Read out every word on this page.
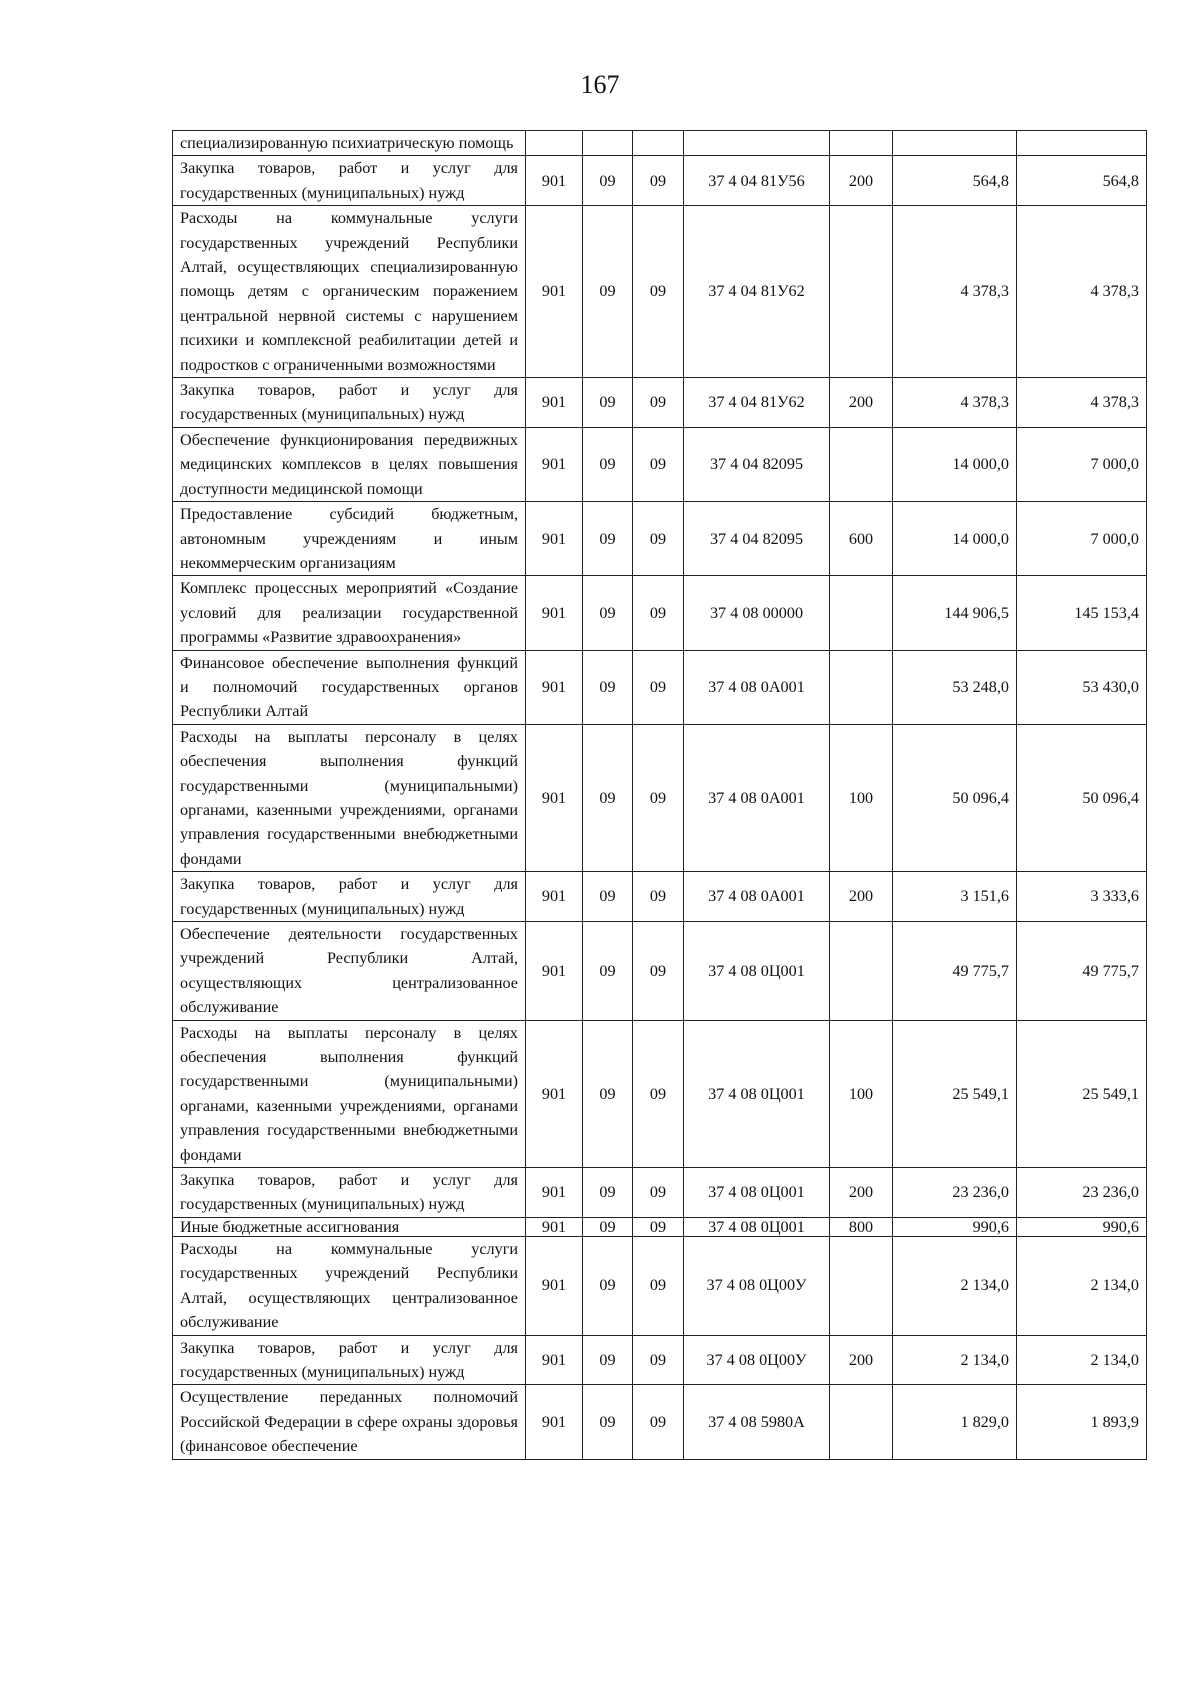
167
специализированную психиатрическую помощь							
Закупка товаров, работ и услуг для государственных (муниципальных) нужд	901	09	09	37 4 04 81У56	200	564,8	564,8
Расходы на коммунальные услуги государственных учреждений Республики Алтай, осуществляющих специализированную помощь детям с органическим поражением центральной нервной системы с нарушением психики и комплексной реабилитации детей и подростков с ограниченными возможностями	901	09	09	37 4 04 81У62		4 378,3	4 378,3
Закупка товаров, работ и услуг для государственных (муниципальных) нужд	901	09	09	37 4 04 81У62	200	4 378,3	4 378,3
Обеспечение функционирования передвижных медицинских комплексов в целях повышения доступности медицинской помощи	901	09	09	37 4 04 82095		14 000,0	7 000,0
Предоставление субсидий бюджетным, автономным учреждениям и иным некоммерческим организациям	901	09	09	37 4 04 82095	600	14 000,0	7 000,0
Комплекс процессных мероприятий «Создание условий для реализации государственной программы «Развитие здравоохранения»	901	09	09	37 4 08 00000		144 906,5	145 153,4
Финансовое обеспечение выполнения функций и полномочий государственных органов Республики Алтай	901	09	09	37 4 08 0А001		53 248,0	53 430,0
Расходы на выплаты персоналу в целях обеспечения выполнения функций государственными (муниципальными) органами, казенными учреждениями, органами управления государственными внебюджетными фондами	901	09	09	37 4 08 0А001	100	50 096,4	50 096,4
Закупка товаров, работ и услуг для государственных (муниципальных) нужд	901	09	09	37 4 08 0А001	200	3 151,6	3 333,6
Обеспечение деятельности государственных учреждений Республики Алтай, осуществляющих централизованное обслуживание	901	09	09	37 4 08 0Ц001		49 775,7	49 775,7
Расходы на выплаты персоналу в целях обеспечения выполнения функций государственными (муниципальными) органами, казенными учреждениями, органами управления государственными внебюджетными фондами	901	09	09	37 4 08 0Ц001	100	25 549,1	25 549,1
Закупка товаров, работ и услуг для государственных (муниципальных) нужд	901	09	09	37 4 08 0Ц001	200	23 236,0	23 236,0
Иные бюджетные ассигнования	901	09	09	37 4 08 0Ц001	800	990,6	990,6
Расходы на коммунальные услуги государственных учреждений Республики Алтай, осуществляющих централизованное обслуживание	901	09	09	37 4 08 0Ц00У		2 134,0	2 134,0
Закупка товаров, работ и услуг для государственных (муниципальных) нужд	901	09	09	37 4 08 0Ц00У	200	2 134,0	2 134,0
Осуществление переданных полномочий Российской Федерации в сфере охраны здоровья (финансовое обеспечение	901	09	09	37 4 08 5980А		1 829,0	1 893,9
